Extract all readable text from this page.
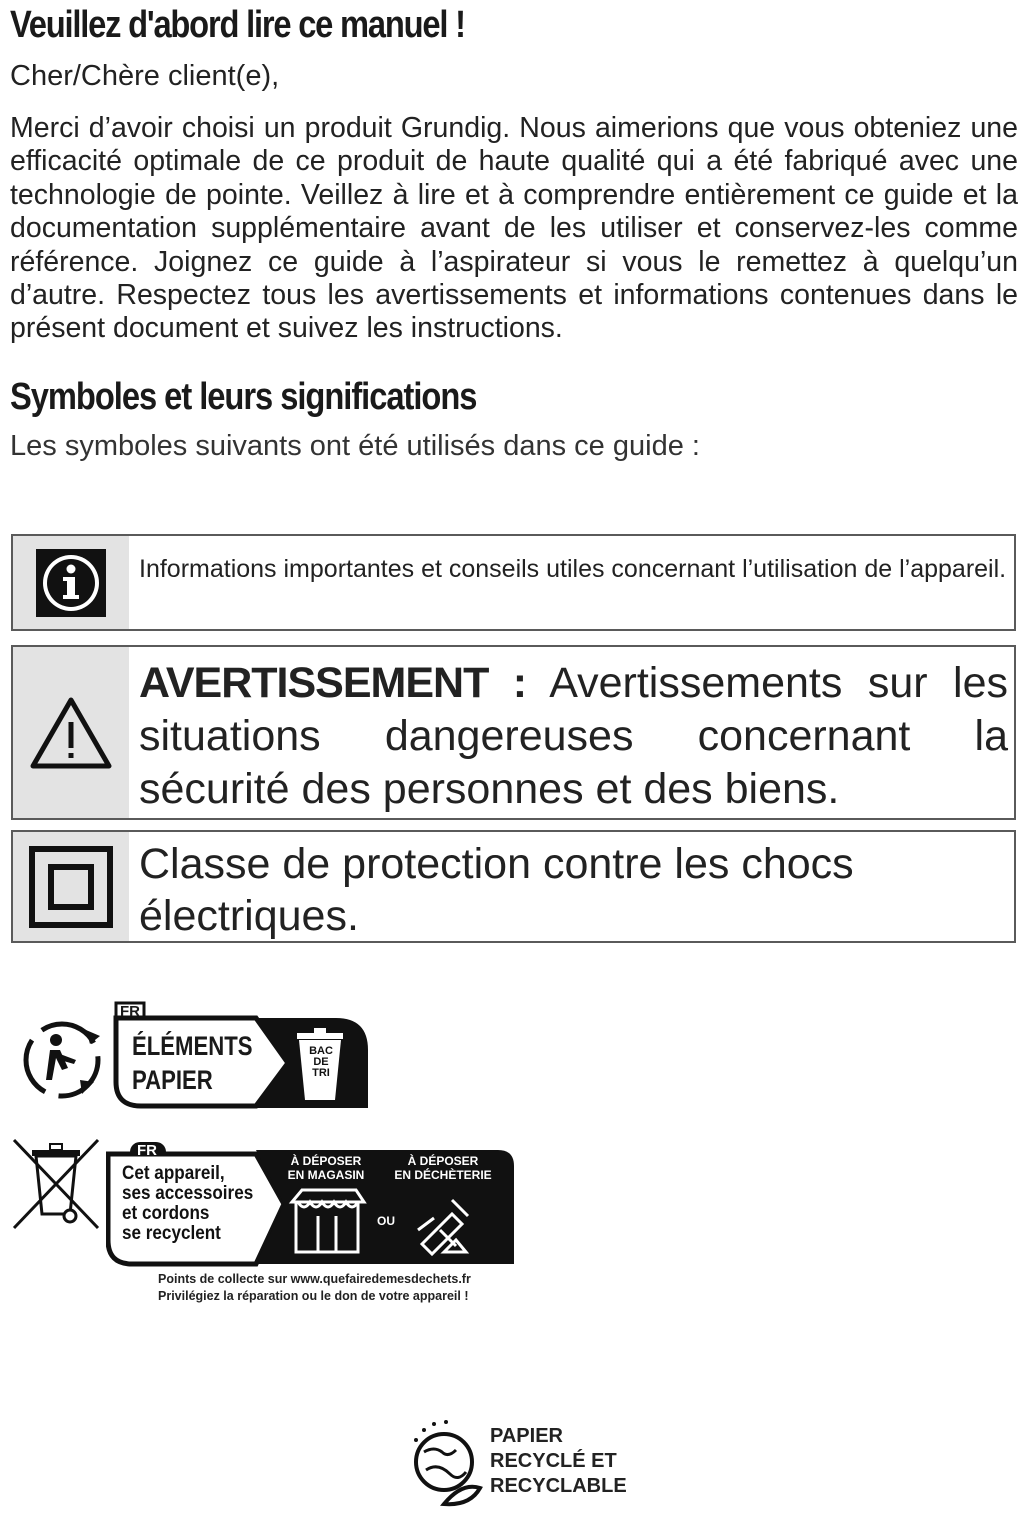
Veuillez d'abord lire ce manuel !
Cher/Chère client(e),
Merci d’avoir choisi un produit Grundig. Nous aimerions que vous obteniez une efficacité optimale de ce produit de haute qualité qui a été fabriqué avec une technologie de pointe. Veillez à lire et à comprendre entièrement ce guide et la documentation supplémentaire avant de les utiliser et conservez-les comme référence. Joignez ce guide à l’aspirateur si vous le remettez à quelqu’un d’autre. Respectez tous les avertissements et informations contenues dans le présent document et suivez les instructions.
Symboles et leurs significations
Les symboles suivants ont été utilisés dans ce guide :
Informations importantes et conseils utiles concernant l’utilisation de l’appareil.
AVERTISSEMENT : Avertissements sur les situations dangereuses concernant la sécurité des personnes et des biens.
Classe de protection contre les chocs électriques.
FR
ÉLÉMENTS
PAPIER
BAC
DE
TRI
FR
Cet appareil,
ses accessoires
et cordons
se recyclent
À DÉPOSER
EN MAGASIN
OU
À DÉPOSER
EN DÉCHÈTERIE
Points de collecte sur www.quefairedemesdechets.fr
Privilégiez la réparation ou le don de votre appareil !
PAPIER
RECYCLÉ ET
RECYCLABLE
